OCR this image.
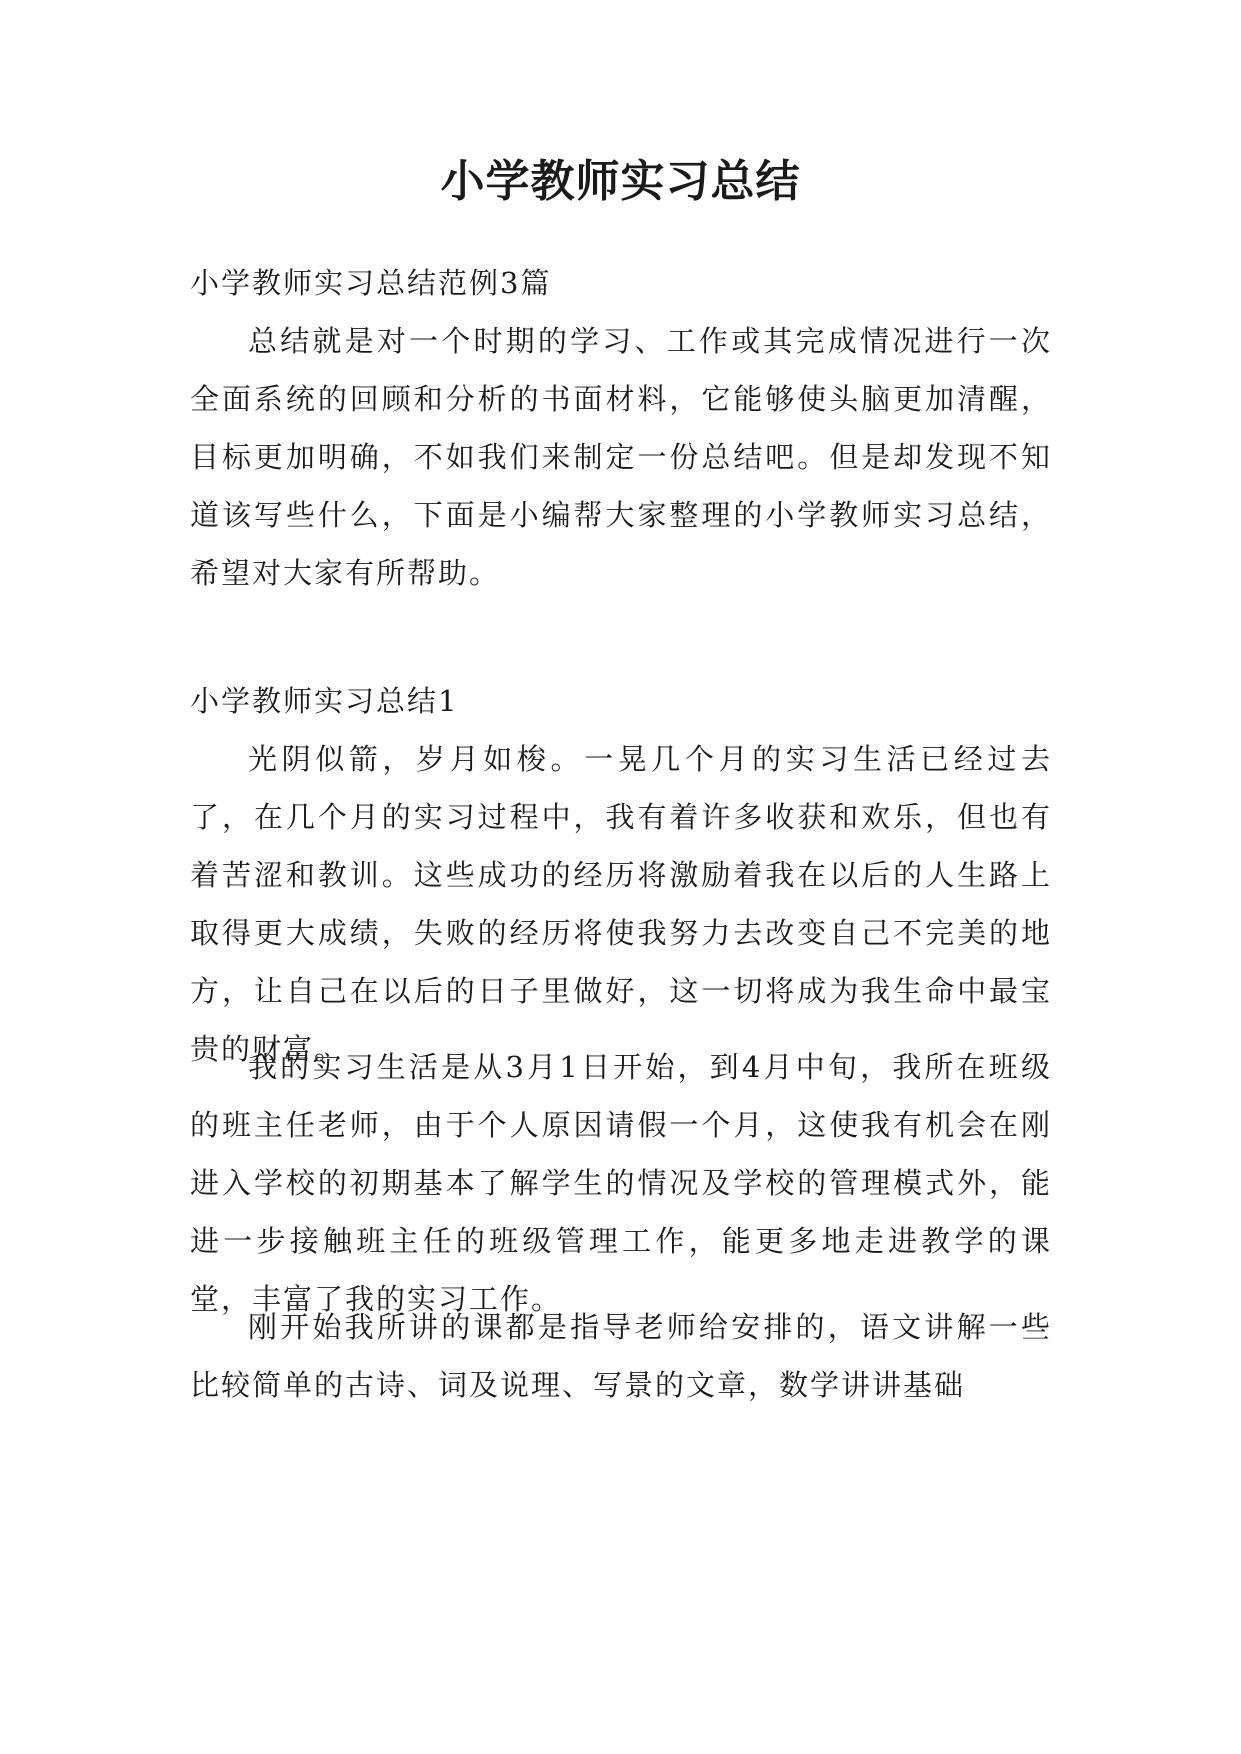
小学教师实习总结

小学教师实习总结范例3篇

总结就是对一个时期的学习、工作或其完成情况进行一次全面系统的回顾和分析的书面材料，它能够使头脑更加清醒，目标更加明确，不如我们来制定一份总结吧。但是却发现不知道该写些什么，下面是小编帮大家整理的小学教师实习总结，希望对大家有所帮助。

小学教师实习总结1

光阴似箭，岁月如梭。一晃几个月的实习生活已经过去了，在几个月的实习过程中，我有着许多收获和欢乐，但也有着苦涩和教训。这些成功的经历将激励着我在以后的人生路上取得更大成绩，失败的经历将使我努力去改变自己不完美的地方，让自己在以后的日子里做好，这一切将成为我生命中最宝贵的财富。

我的实习生活是从3月1日开始，到4月中旬，我所在班级的班主任老师，由于个人原因请假一个月，这使我有机会在刚进入学校的初期基本了解学生的情况及学校的管理模式外，能进一步接触班主任的班级管理工作，能更多地走进教学的课堂，丰富了我的实习工作。

刚开始我所讲的课都是指导老师给安排的，语文讲解一些比较简单的古诗、词及说理、写景的文章，数学讲讲基础
